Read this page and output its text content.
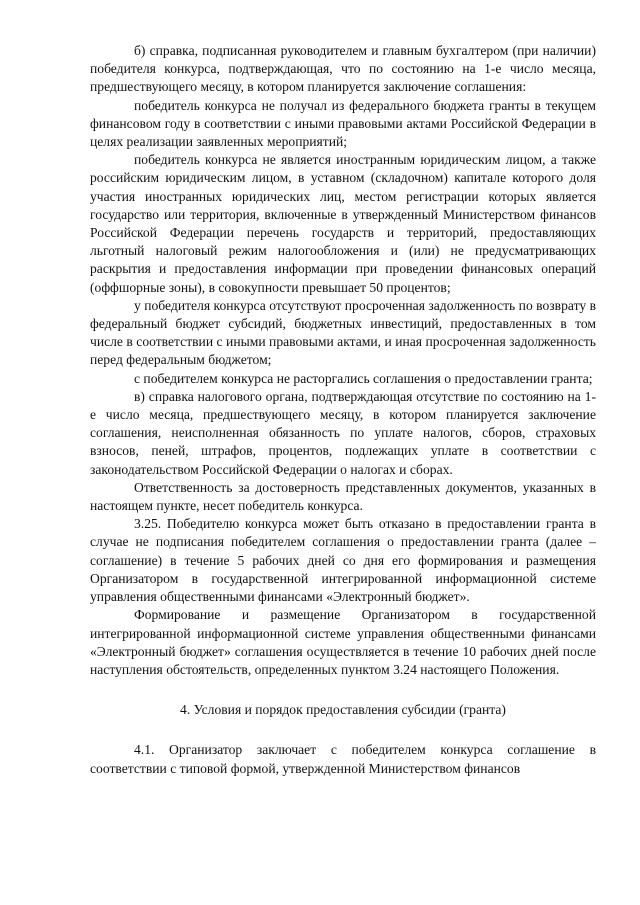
б) справка, подписанная руководителем и главным бухгалтером (при наличии) победителя конкурса, подтверждающая, что по состоянию на 1-е число месяца, предшествующего месяцу, в котором планируется заключение соглашения:

победитель конкурса не получал из федерального бюджета гранты в текущем финансовом году в соответствии с иными правовыми актами Российской Федерации в целях реализации заявленных мероприятий;

победитель конкурса не является иностранным юридическим лицом, а также российским юридическим лицом, в уставном (складочном) капитале которого доля участия иностранных юридических лиц, местом регистрации которых является государство или территория, включенные в утвержденный Министерством финансов Российской Федерации перечень государств и территорий, предоставляющих льготный налоговый режим налогообложения и (или) не предусматривающих раскрытия и предоставления информации при проведении финансовых операций (оффшорные зоны), в совокупности превышает 50 процентов;

у победителя конкурса отсутствуют просроченная задолженность по возврату в федеральный бюджет субсидий, бюджетных инвестиций, предоставленных в том числе в соответствии с иными правовыми актами, и иная просроченная задолженность перед федеральным бюджетом;

с победителем конкурса не расторгались соглашения о предоставлении гранта;

в) справка налогового органа, подтверждающая отсутствие по состоянию на 1-е число месяца, предшествующего месяцу, в котором планируется заключение соглашения, неисполненная обязанность по уплате налогов, сборов, страховых взносов, пеней, штрафов, процентов, подлежащих уплате в соответствии с законодательством Российской Федерации о налогах и сборах.

Ответственность за достоверность представленных документов, указанных в настоящем пункте, несет победитель конкурса.

3.25. Победителю конкурса может быть отказано в предоставлении гранта в случае не подписания победителем соглашения о предоставлении гранта (далее – соглашение) в течение 5 рабочих дней со дня его формирования и размещения Организатором в государственной интегрированной информационной системе управления общественными финансами «Электронный бюджет».

Формирование и размещение Организатором в государственной интегрированной информационной системе управления общественными финансами «Электронный бюджет» соглашения осуществляется в течение 10 рабочих дней после наступления обстоятельств, определенных пунктом 3.24 настоящего Положения.

4. Условия и порядок предоставления субсидии (гранта)

4.1. Организатор заключает с победителем конкурса соглашение в соответствии с типовой формой, утвержденной Министерством финансов
